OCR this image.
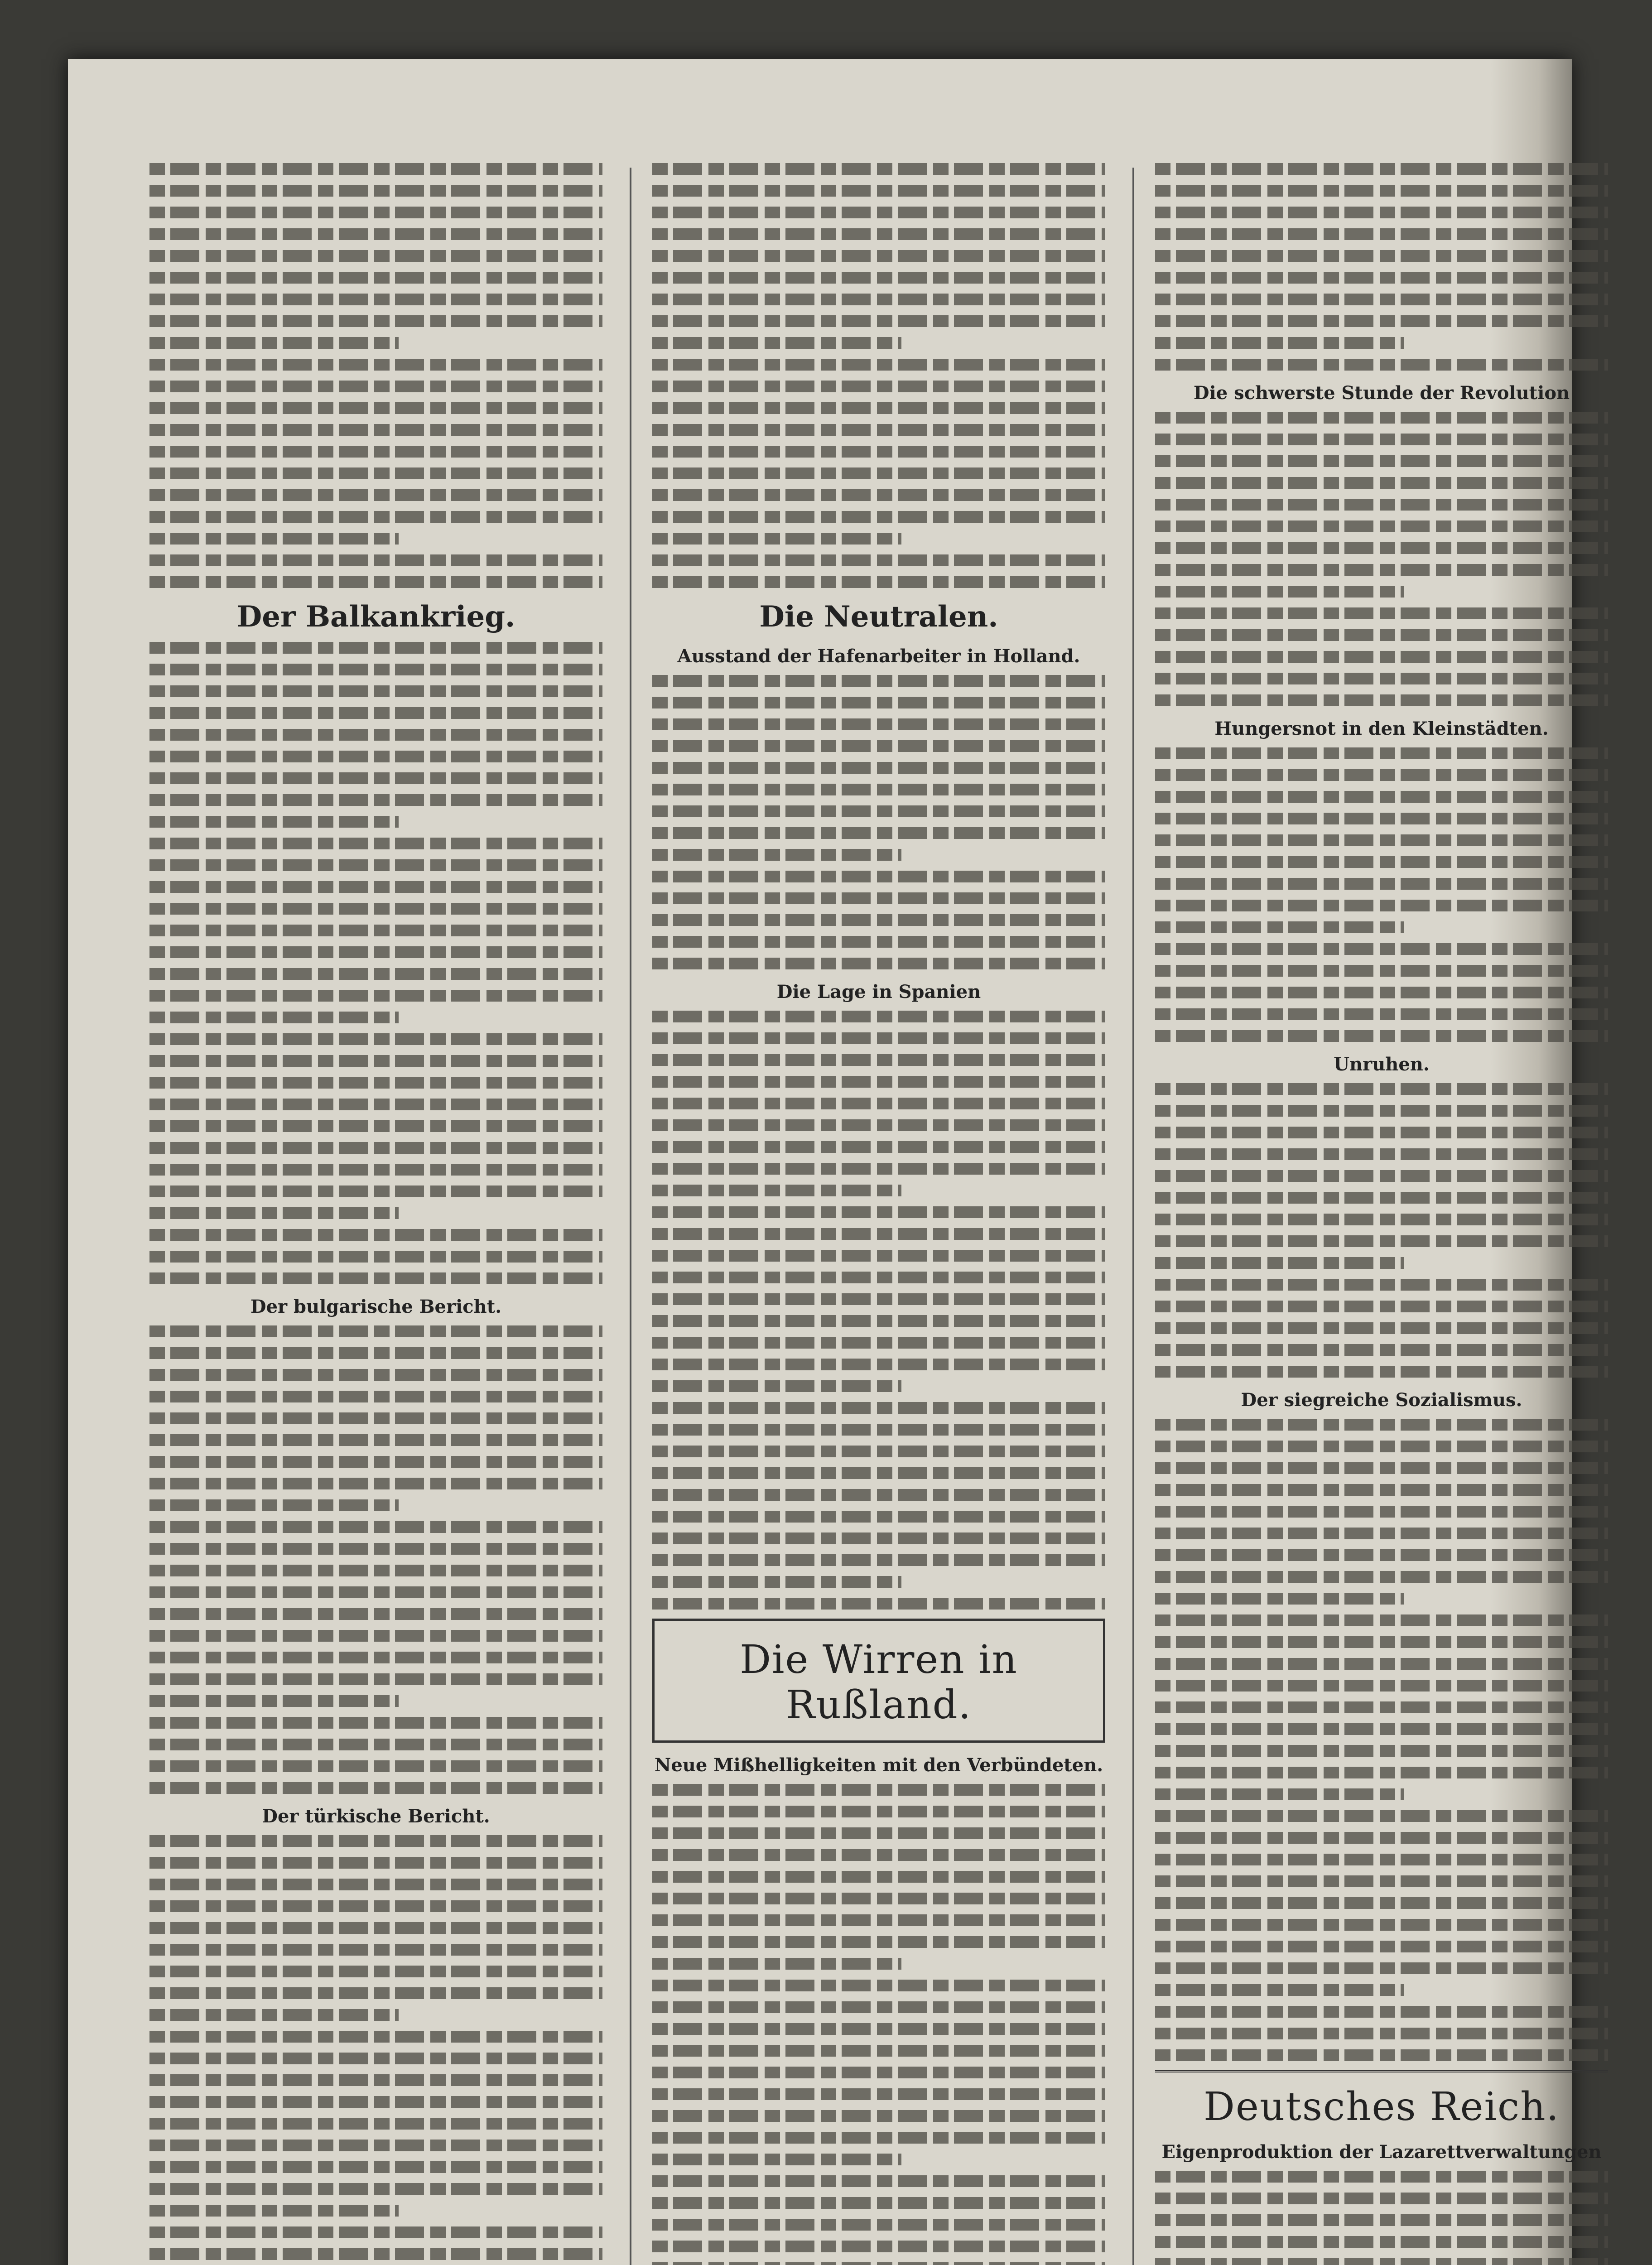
Der Balkankrieg.
Der bulgarische Bericht.
Der türkische Bericht.
Die Neutralen.
Ausstand der Hafenarbeiter in Holland.
Die Lage in Spanien
Die Wirren in Rußland.
Neue Mißhelligkeiten mit den Verbündeten.
Die schwerste Stunde der Revolution
Hungersnot in den Kleinstädten.
Unruhen.
Der siegreiche Sozialismus.
Deutsches Reich.
Eigenproduktion der Lazarettverwaltungen
